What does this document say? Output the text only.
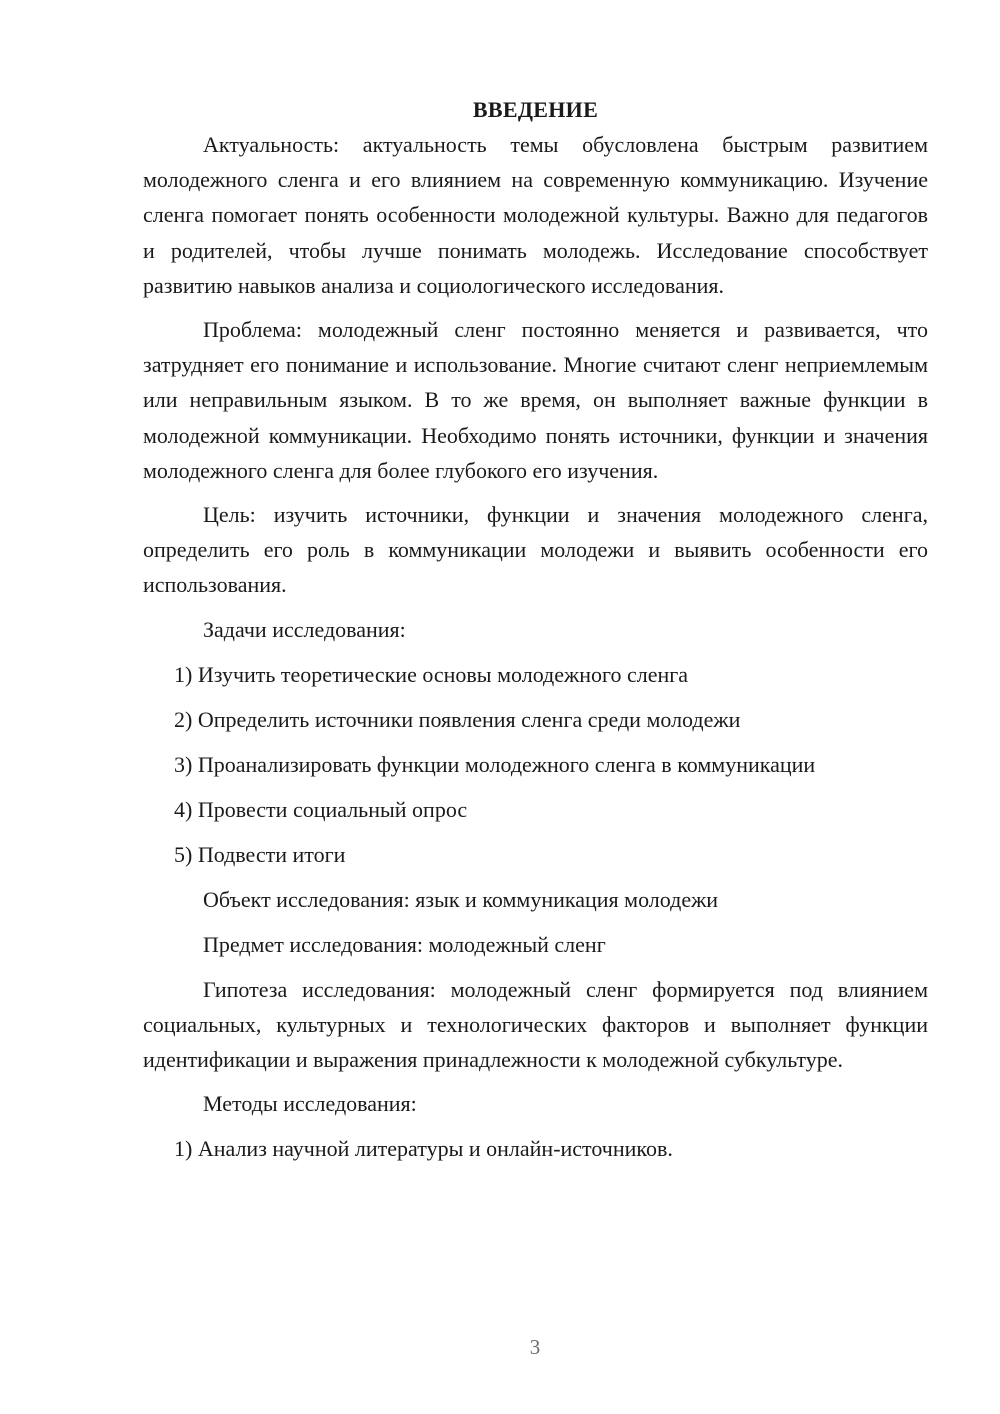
ВВЕДЕНИЕ

Актуальность: актуальность темы обусловлена быстрым развитием молодежного сленга и его влиянием на современную коммуникацию. Изучение сленга помогает понять особенности молодежной культуры. Важно для педагогов и родителей, чтобы лучше понимать молодежь. Исследование способствует развитию навыков анализа и социологического исследования.

Проблема: молодежный сленг постоянно меняется и развивается, что затрудняет его понимание и использование. Многие считают сленг неприемлемым или неправильным языком. В то же время, он выполняет важные функции в молодежной коммуникации. Необходимо понять источники, функции и значения молодежного сленга для более глубокого его изучения.

Цель: изучить источники, функции и значения молодежного сленга, определить его роль в коммуникации молодежи и выявить особенности его использования.

Задачи исследования:
1) Изучить теоретические основы молодежного сленга
2) Определить источники появления сленга среди молодежи
3) Проанализировать функции молодежного сленга в коммуникации
4) Провести социальный опрос
5) Подвести итоги
Объект исследования: язык и коммуникация молодежи
Предмет исследования: молодежный сленг

Гипотеза исследования: молодежный сленг формируется под влиянием социальных, культурных и технологических факторов и выполняет функции идентификации и выражения принадлежности к молодежной субкультуре.

Методы исследования:
1) Анализ научной литературы и онлайн-источников.
3
